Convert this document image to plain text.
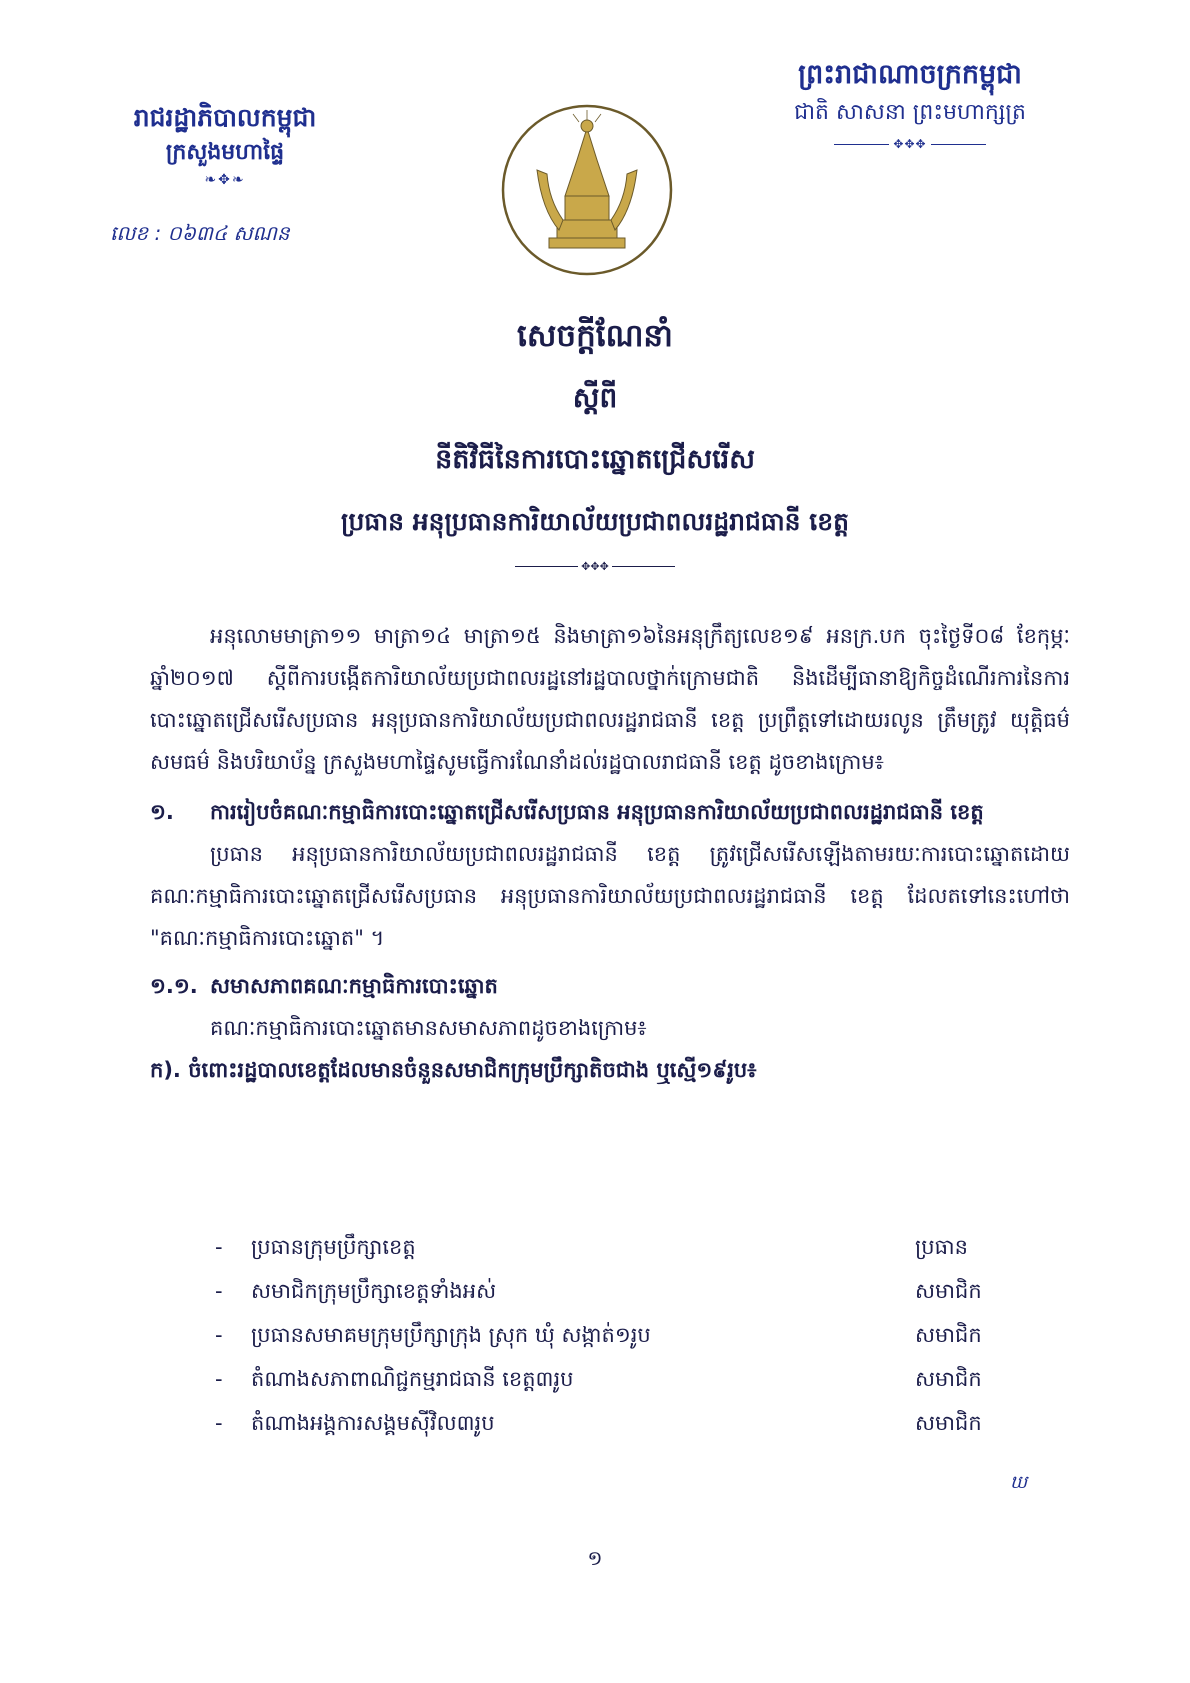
រាជរដ្ឋាភិបាលកម្ពុជា
ក្រសួងមហាផ្ទៃ
❧✥❧
លេខ : ០៦៣៤ សណន
ព្រះរាជាណាចក្រកម្ពុជា
ជាតិ សាសនា ព្រះមហាក្សត្រ
✥✥✥
សេចក្តីណែនាំ
ស្តីពី
នីតិវិធីនៃការបោះឆ្នោតជ្រើសរើស
ប្រធាន អនុប្រធានការិយាល័យប្រជាពលរដ្ឋរាជធានី ខេត្ត
✥✥✥

អនុលោមមាត្រា១១ មាត្រា១៤ មាត្រា១៥ និងមាត្រា១៦នៃអនុក្រឹត្យលេខ១៩ អនក្រ.បក ចុះថ្ងៃទី០៨ ខែកុម្ភៈ ឆ្នាំ២០១៧ ស្តីពីការបង្កើតការិយាល័យប្រជាពលរដ្ឋនៅរដ្ឋបាលថ្នាក់ក្រោមជាតិ និងដើម្បីធានាឱ្យកិច្ចដំណើរការនៃការបោះឆ្នោតជ្រើសរើសប្រធាន អនុប្រធានការិយាល័យប្រជាពលរដ្ឋរាជធានី ខេត្ត ប្រព្រឹត្តទៅដោយរលូន ត្រឹមត្រូវ យុត្តិធម៌ សមធម៌ និងបរិយាប័ន្ន ក្រសួងមហាផ្ទៃសូមធ្វើការណែនាំដល់រដ្ឋបាលរាជធានី ខេត្ត ដូចខាងក្រោម៖

១.	ការរៀបចំគណៈកម្មាធិការបោះឆ្នោតជ្រើសរើសប្រធាន អនុប្រធានការិយាល័យប្រជាពលរដ្ឋរាជធានី ខេត្ត

ប្រធាន អនុប្រធានការិយាល័យប្រជាពលរដ្ឋរាជធានី ខេត្ត ត្រូវជ្រើសរើសឡើងតាមរយៈការបោះឆ្នោតដោយគណៈកម្មាធិការបោះឆ្នោតជ្រើសរើសប្រធាន អនុប្រធានការិយាល័យប្រជាពលរដ្ឋរាជធានី ខេត្ត ដែលតទៅនេះហៅថា "គណៈកម្មាធិការបោះឆ្នោត" ។

១.១. សមាសភាពគណៈកម្មាធិការបោះឆ្នោត

គណៈកម្មាធិការបោះឆ្នោតមានសមាសភាពដូចខាងក្រោម៖

ក). ចំពោះរដ្ឋបាលខេត្តដែលមានចំនួនសមាជិកក្រុមប្រឹក្សាតិចជាង ឬស្មើ១៩រូប៖
-	ប្រធានក្រុមប្រឹក្សាខេត្ត	ប្រធាន
-	សមាជិកក្រុមប្រឹក្សាខេត្តទាំងអស់	សមាជិក
-	ប្រធានសមាគមក្រុមប្រឹក្សាក្រុង ស្រុក ឃុំ សង្កាត់១រូប	សមាជិក
-	តំណាងសភាពាណិជ្ជកម្មរាជធានី ខេត្ត៣រូប	សមាជិក
-	តំណាងអង្គការសង្គមស៊ីវិល៣រូប	សមាជិក
ឃ
១
